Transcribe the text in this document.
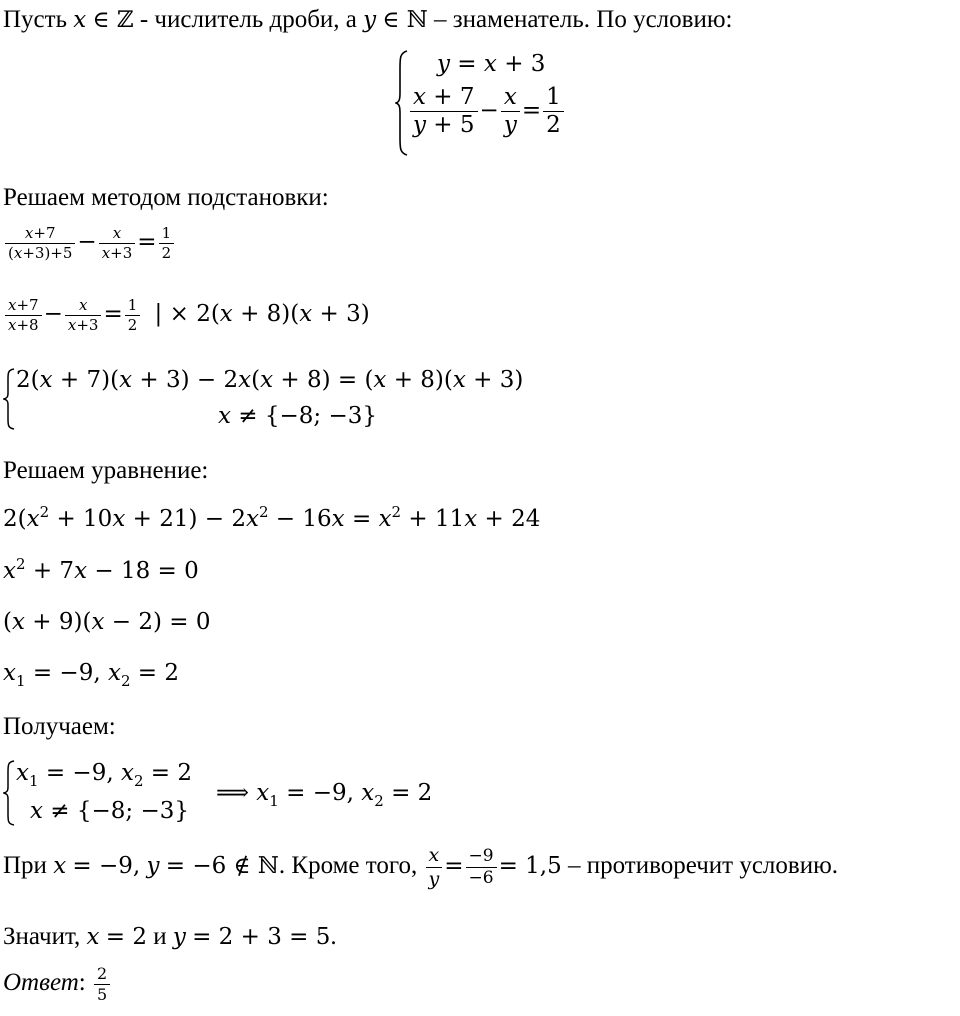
Пусть x ∈ ℤ - числитель дроби, а y ∈ ℕ – знаменатель. По условию:
y = x + 3
$\frac{x + 7}{y + 5} - \frac{x}{y} = \frac{1}{2}$
Решаем методом подстановки:
$\frac{x+7}{(x+3)+5} - \frac{x}{x+3} = \frac{1}{2}$
$\frac{x+7}{x+8} - \frac{x}{x+3} = \frac{1}{2}$ | × 2(x + 8)(x + 3)
2(x + 7)(x + 3) − 2x(x + 8) = (x + 8)(x + 3)
x ≠ {−8; −3}
Решаем уравнение:
$2(x^2 + 10x + 21) - 2x^2 - 16x = x^2 + 11x + 24$
$x^2 + 7x - 18 = 0$
(x + 9)(x − 2) = 0
$x_1 = -9$, $x_2 = 2$
Получаем:
$x_1 = -9$, $x_2 = 2$
x ≠ {−8; −3}
⟹ $x_1 = -9$, $x_2 = 2$
При x = −9, y = −6 ∉ ℕ. Кроме того, $\frac{x}{y} = \frac{-9}{-6} = 1,5$ – противоречит условию.
Значит, x = 2 и y = 2 + 3 = 5.
Ответ: $\frac{2}{5}$
